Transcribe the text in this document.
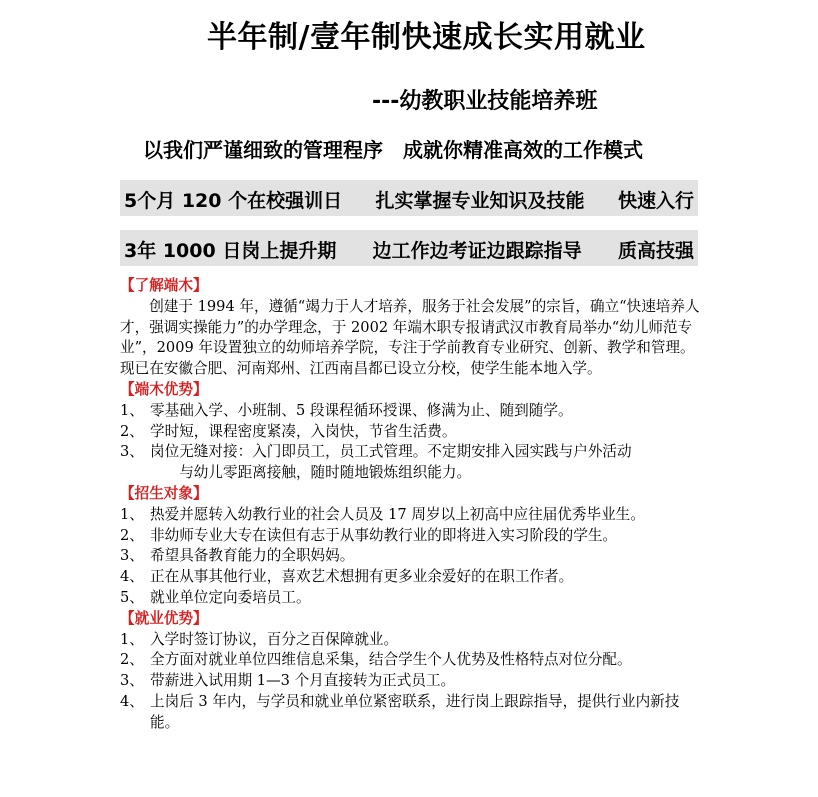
半年制/壹年制快速成长实用就业
---幼教职业技能培养班
以我们严谨细致的管理程序　成就你精准高效的工作模式
5个月 120 个在校强训日 扎实掌握专业知识及技能 快速入行
3年 1000 日岗上提升期 边工作边考证边跟踪指导 质高技强
【了解端木】
创建于 1994 年，遵循“竭力于人才培养，服务于社会发展”的宗旨，确立“快速培养人才，强调实操能力”的办学理念，于 2002 年端木职专报请武汉市教育局举办“幼儿师范专业”，2009 年设置独立的幼师培养学院，专注于学前教育专业研究、创新、教学和管理。现已在安徽合肥、河南郑州、江西南昌都已设立分校，使学生能本地入学。
【端木优势】
1、 零基础入学、小班制、5 段课程循环授课、修满为止、随到随学。
2、 学时短，课程密度紧凑，入岗快，节省生活费。
3、 岗位无缝对接：入门即员工，员工式管理。不定期安排入园实践与户外活动
与幼儿零距离接触，随时随地锻炼组织能力。
【招生对象】
1、 热爱并愿转入幼教行业的社会人员及 17 周岁以上初高中应往届优秀毕业生。
2、 非幼师专业大专在读但有志于从事幼教行业的即将进入实习阶段的学生。
3、 希望具备教育能力的全职妈妈。
4、 正在从事其他行业，喜欢艺术想拥有更多业余爱好的在职工作者。
5、 就业单位定向委培员工。
【就业优势】
1、 入学时签订协议，百分之百保障就业。
2、 全方面对就业单位四维信息采集，结合学生个人优势及性格特点对位分配。
3、 带薪进入试用期 1—3 个月直接转为正式员工。
4、 上岗后 3 年内，与学员和就业单位紧密联系，进行岗上跟踪指导，提供行业内新技能。
